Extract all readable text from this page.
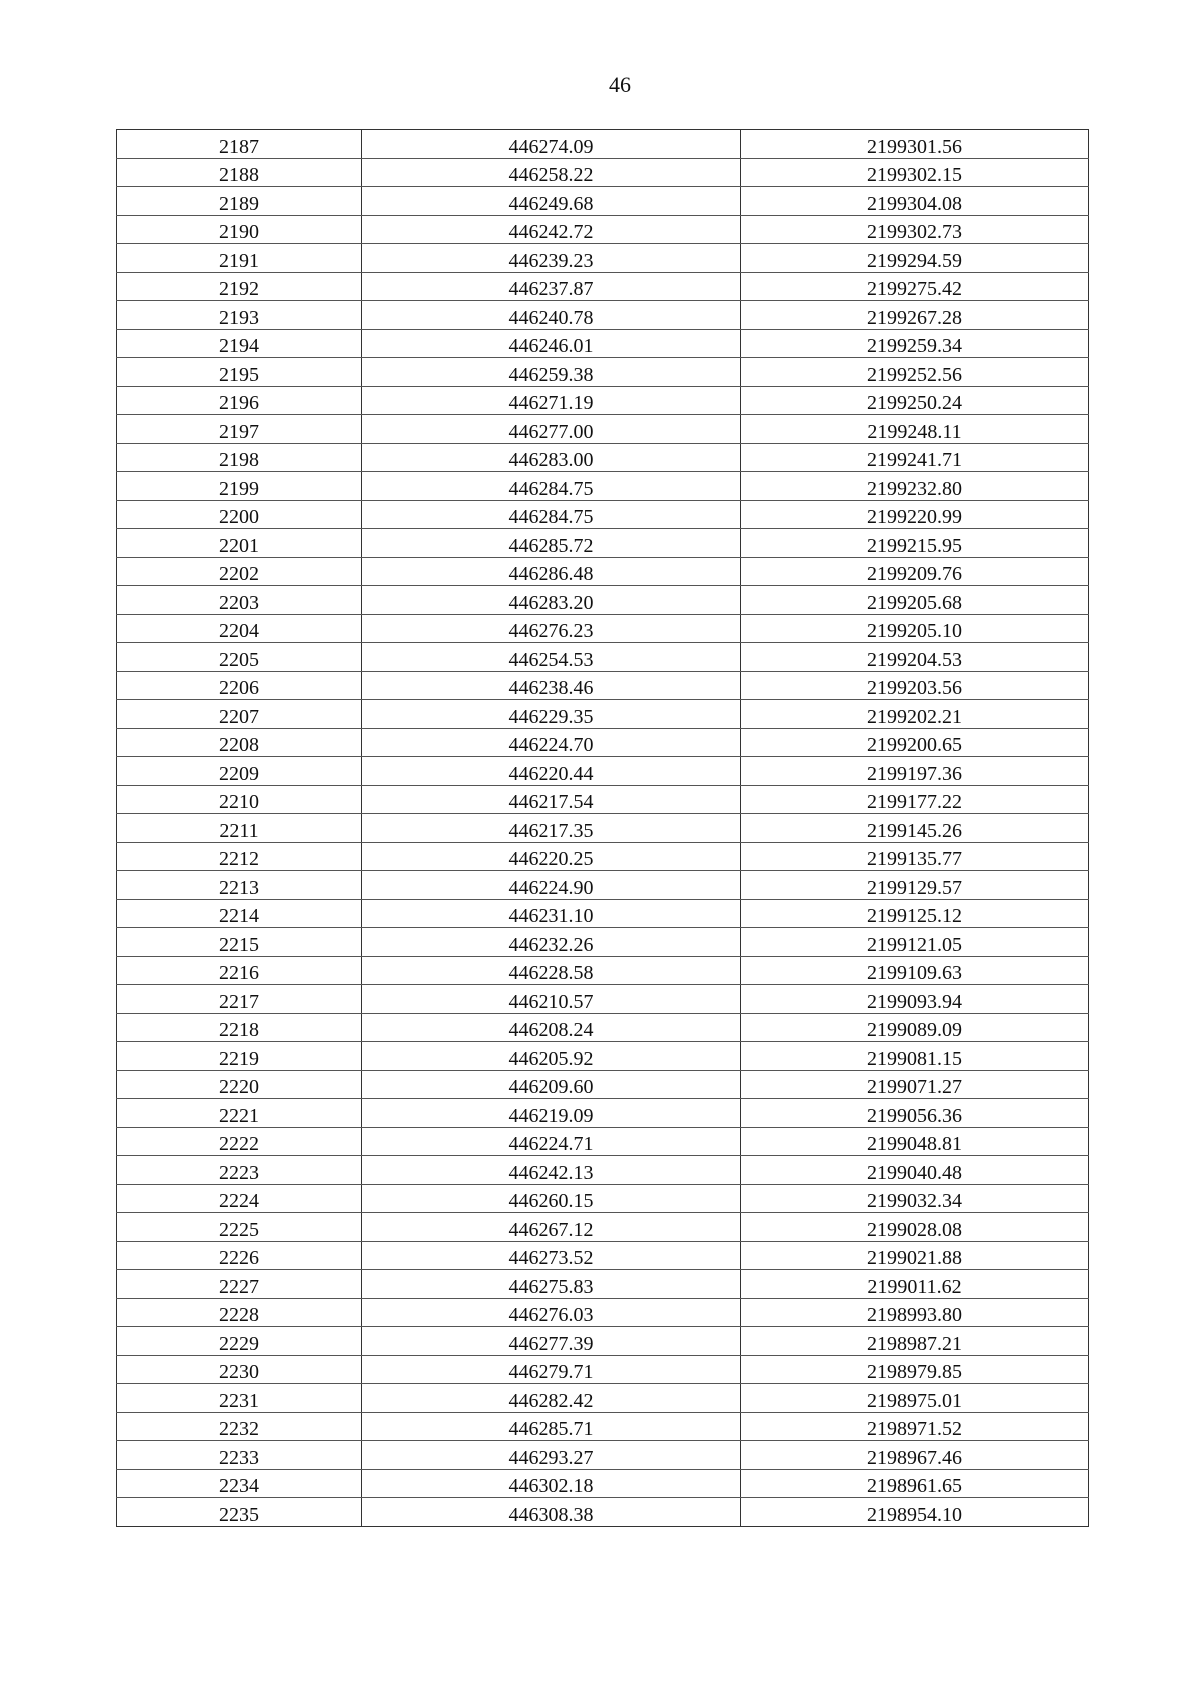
46
2187	446274.09	2199301.56
2188	446258.22	2199302.15
2189	446249.68	2199304.08
2190	446242.72	2199302.73
2191	446239.23	2199294.59
2192	446237.87	2199275.42
2193	446240.78	2199267.28
2194	446246.01	2199259.34
2195	446259.38	2199252.56
2196	446271.19	2199250.24
2197	446277.00	2199248.11
2198	446283.00	2199241.71
2199	446284.75	2199232.80
2200	446284.75	2199220.99
2201	446285.72	2199215.95
2202	446286.48	2199209.76
2203	446283.20	2199205.68
2204	446276.23	2199205.10
2205	446254.53	2199204.53
2206	446238.46	2199203.56
2207	446229.35	2199202.21
2208	446224.70	2199200.65
2209	446220.44	2199197.36
2210	446217.54	2199177.22
2211	446217.35	2199145.26
2212	446220.25	2199135.77
2213	446224.90	2199129.57
2214	446231.10	2199125.12
2215	446232.26	2199121.05
2216	446228.58	2199109.63
2217	446210.57	2199093.94
2218	446208.24	2199089.09
2219	446205.92	2199081.15
2220	446209.60	2199071.27
2221	446219.09	2199056.36
2222	446224.71	2199048.81
2223	446242.13	2199040.48
2224	446260.15	2199032.34
2225	446267.12	2199028.08
2226	446273.52	2199021.88
2227	446275.83	2199011.62
2228	446276.03	2198993.80
2229	446277.39	2198987.21
2230	446279.71	2198979.85
2231	446282.42	2198975.01
2232	446285.71	2198971.52
2233	446293.27	2198967.46
2234	446302.18	2198961.65
2235	446308.38	2198954.10
